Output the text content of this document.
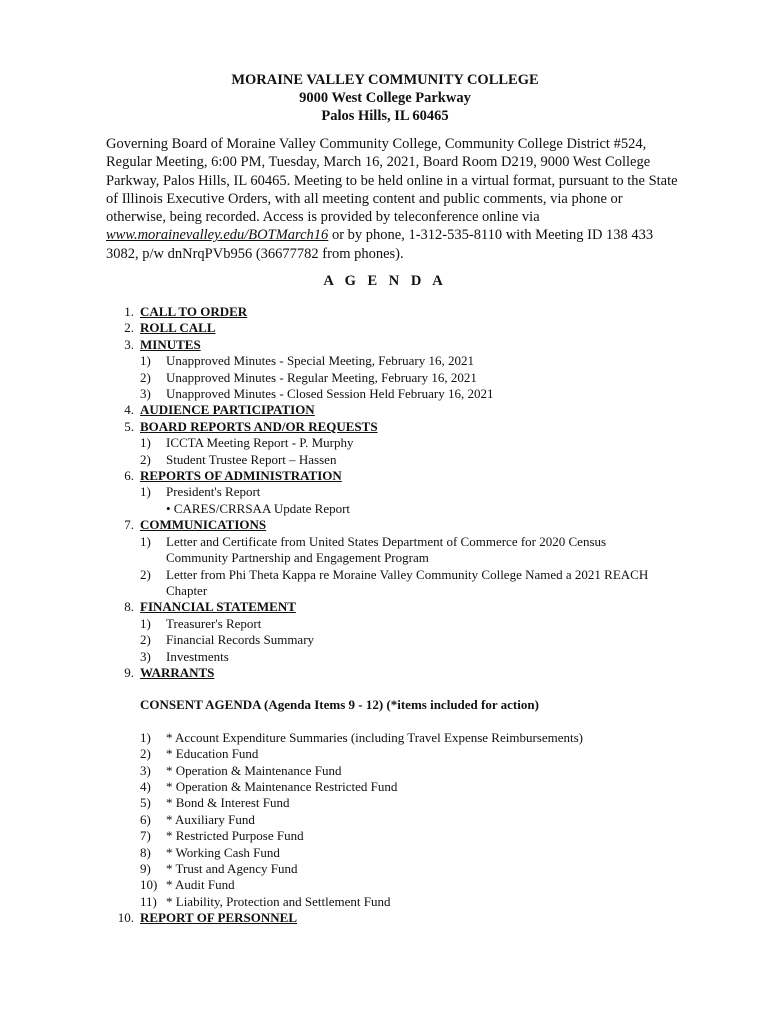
MORAINE VALLEY COMMUNITY COLLEGE
9000 West College Parkway
Palos Hills, IL 60465
Governing Board of Moraine Valley Community College, Community College District #524, Regular Meeting, 6:00 PM, Tuesday, March 16, 2021, Board Room D219, 9000 West College Parkway, Palos Hills, IL 60465. Meeting to be held online in a virtual format, pursuant to the State of Illinois Executive Orders, with all meeting content and public comments, via phone or otherwise, being recorded. Access is provided by teleconference online via www.morainevalley.edu/BOTMarch16 or by phone, 1-312-535-8110 with Meeting ID 138 433 3082, p/w dnNrqPVb956 (36677782 from phones).
A G E N D A
1. CALL TO ORDER
2. ROLL CALL
3. MINUTES
1) Unapproved Minutes - Special Meeting, February 16, 2021
2) Unapproved Minutes - Regular Meeting, February 16, 2021
3) Unapproved Minutes - Closed Session Held February 16, 2021
4. AUDIENCE PARTICIPATION
5. BOARD REPORTS AND/OR REQUESTS
1) ICCTA Meeting Report - P. Murphy
2) Student Trustee Report – Hassen
6. REPORTS OF ADMINISTRATION
1) President's Report
• CARES/CRRSAA Update Report
7. COMMUNICATIONS
1) Letter and Certificate from United States Department of Commerce for 2020 Census Community Partnership and Engagement Program
2) Letter from Phi Theta Kappa re Moraine Valley Community College Named a 2021 REACH Chapter
8. FINANCIAL STATEMENT
1) Treasurer's Report
2) Financial Records Summary
3) Investments
9. WARRANTS
CONSENT AGENDA (Agenda Items 9 - 12) (*items included for action)
1) * Account Expenditure Summaries (including Travel Expense Reimbursements)
2) * Education Fund
3) * Operation & Maintenance Fund
4) * Operation & Maintenance Restricted Fund
5) * Bond & Interest Fund
6) * Auxiliary Fund
7) * Restricted Purpose Fund
8) * Working Cash Fund
9) * Trust and Agency Fund
10) * Audit Fund
11) * Liability, Protection and Settlement Fund
10. REPORT OF PERSONNEL
